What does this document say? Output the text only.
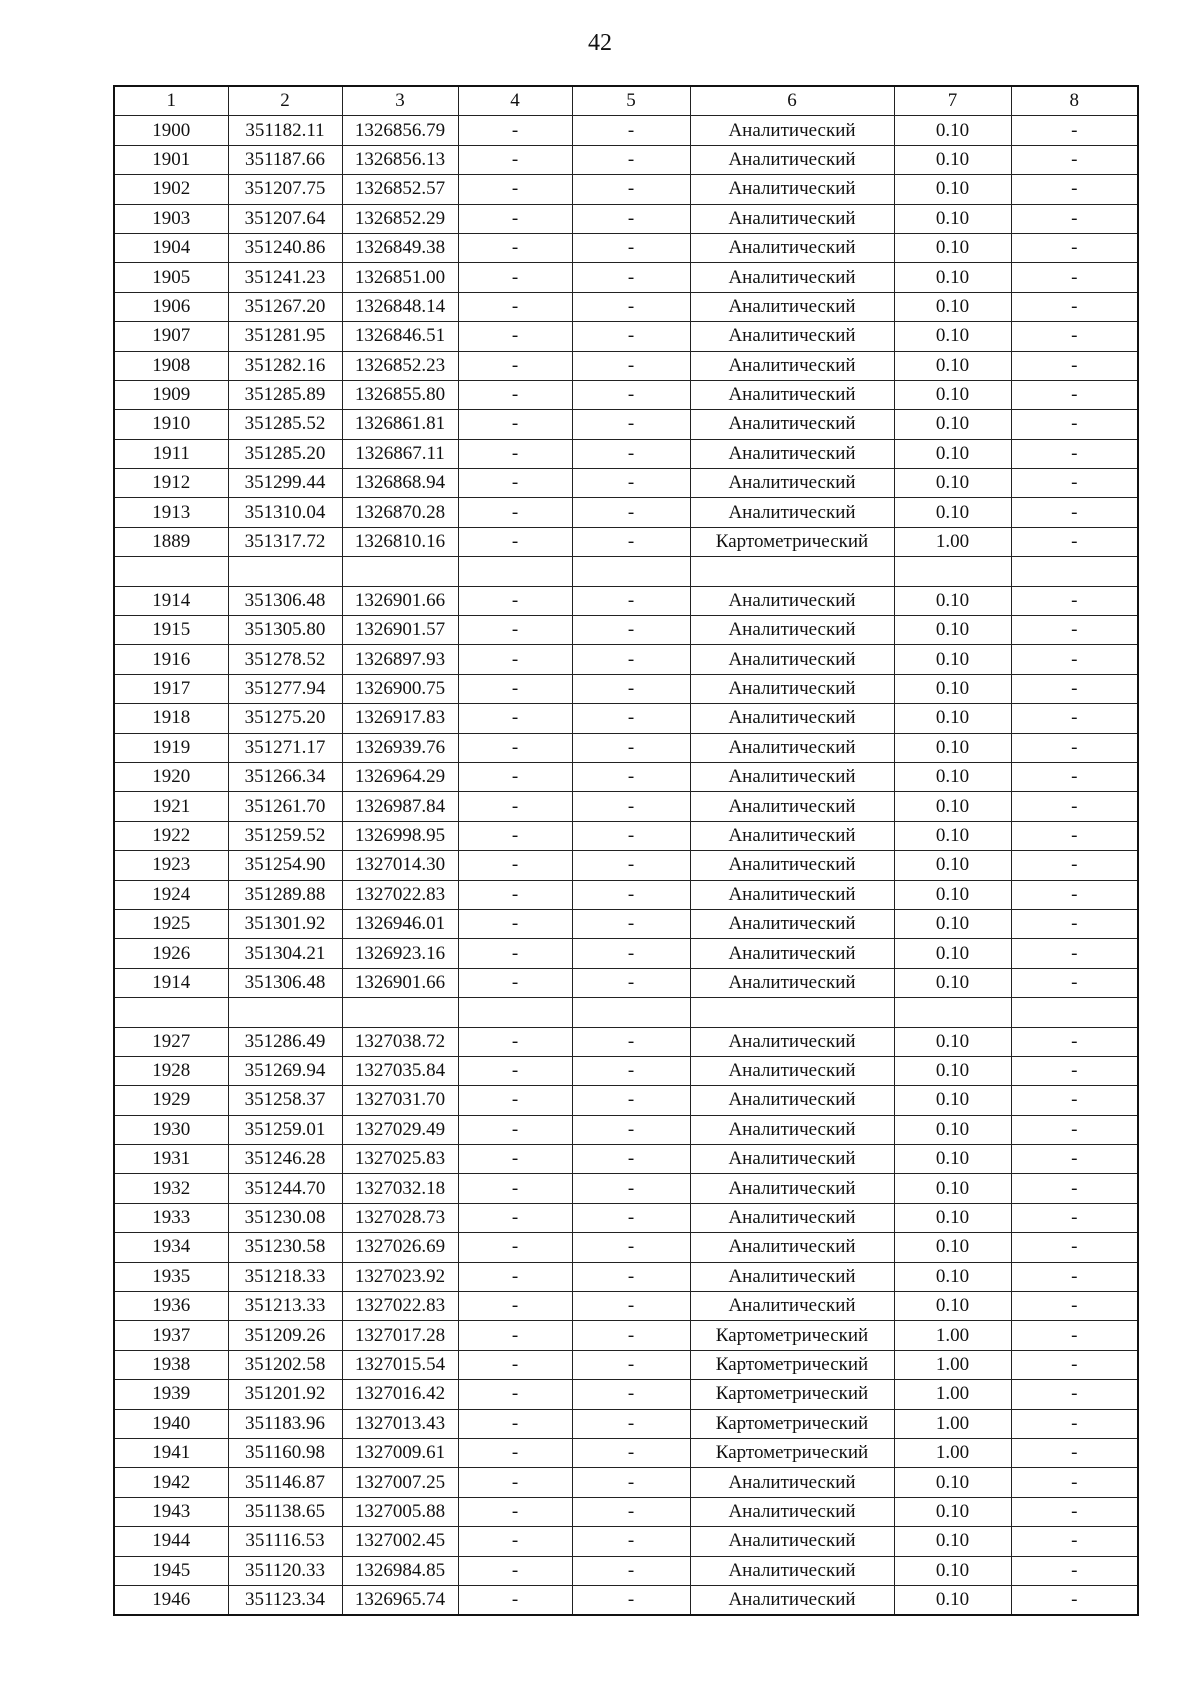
42
1	2	3	4	5	6	7	8
1900	351182.11	1326856.79	-	-	Аналитический	0.10	-
1901	351187.66	1326856.13	-	-	Аналитический	0.10	-
1902	351207.75	1326852.57	-	-	Аналитический	0.10	-
1903	351207.64	1326852.29	-	-	Аналитический	0.10	-
1904	351240.86	1326849.38	-	-	Аналитический	0.10	-
1905	351241.23	1326851.00	-	-	Аналитический	0.10	-
1906	351267.20	1326848.14	-	-	Аналитический	0.10	-
1907	351281.95	1326846.51	-	-	Аналитический	0.10	-
1908	351282.16	1326852.23	-	-	Аналитический	0.10	-
1909	351285.89	1326855.80	-	-	Аналитический	0.10	-
1910	351285.52	1326861.81	-	-	Аналитический	0.10	-
1911	351285.20	1326867.11	-	-	Аналитический	0.10	-
1912	351299.44	1326868.94	-	-	Аналитический	0.10	-
1913	351310.04	1326870.28	-	-	Аналитический	0.10	-
1889	351317.72	1326810.16	-	-	Картометрический	1.00	-

1914	351306.48	1326901.66	-	-	Аналитический	0.10	-
1915	351305.80	1326901.57	-	-	Аналитический	0.10	-
1916	351278.52	1326897.93	-	-	Аналитический	0.10	-
1917	351277.94	1326900.75	-	-	Аналитический	0.10	-
1918	351275.20	1326917.83	-	-	Аналитический	0.10	-
1919	351271.17	1326939.76	-	-	Аналитический	0.10	-
1920	351266.34	1326964.29	-	-	Аналитический	0.10	-
1921	351261.70	1326987.84	-	-	Аналитический	0.10	-
1922	351259.52	1326998.95	-	-	Аналитический	0.10	-
1923	351254.90	1327014.30	-	-	Аналитический	0.10	-
1924	351289.88	1327022.83	-	-	Аналитический	0.10	-
1925	351301.92	1326946.01	-	-	Аналитический	0.10	-
1926	351304.21	1326923.16	-	-	Аналитический	0.10	-
1914	351306.48	1326901.66	-	-	Аналитический	0.10	-

1927	351286.49	1327038.72	-	-	Аналитический	0.10	-
1928	351269.94	1327035.84	-	-	Аналитический	0.10	-
1929	351258.37	1327031.70	-	-	Аналитический	0.10	-
1930	351259.01	1327029.49	-	-	Аналитический	0.10	-
1931	351246.28	1327025.83	-	-	Аналитический	0.10	-
1932	351244.70	1327032.18	-	-	Аналитический	0.10	-
1933	351230.08	1327028.73	-	-	Аналитический	0.10	-
1934	351230.58	1327026.69	-	-	Аналитический	0.10	-
1935	351218.33	1327023.92	-	-	Аналитический	0.10	-
1936	351213.33	1327022.83	-	-	Аналитический	0.10	-
1937	351209.26	1327017.28	-	-	Картометрический	1.00	-
1938	351202.58	1327015.54	-	-	Картометрический	1.00	-
1939	351201.92	1327016.42	-	-	Картометрический	1.00	-
1940	351183.96	1327013.43	-	-	Картометрический	1.00	-
1941	351160.98	1327009.61	-	-	Картометрический	1.00	-
1942	351146.87	1327007.25	-	-	Аналитический	0.10	-
1943	351138.65	1327005.88	-	-	Аналитический	0.10	-
1944	351116.53	1327002.45	-	-	Аналитический	0.10	-
1945	351120.33	1326984.85	-	-	Аналитический	0.10	-
1946	351123.34	1326965.74	-	-	Аналитический	0.10	-
